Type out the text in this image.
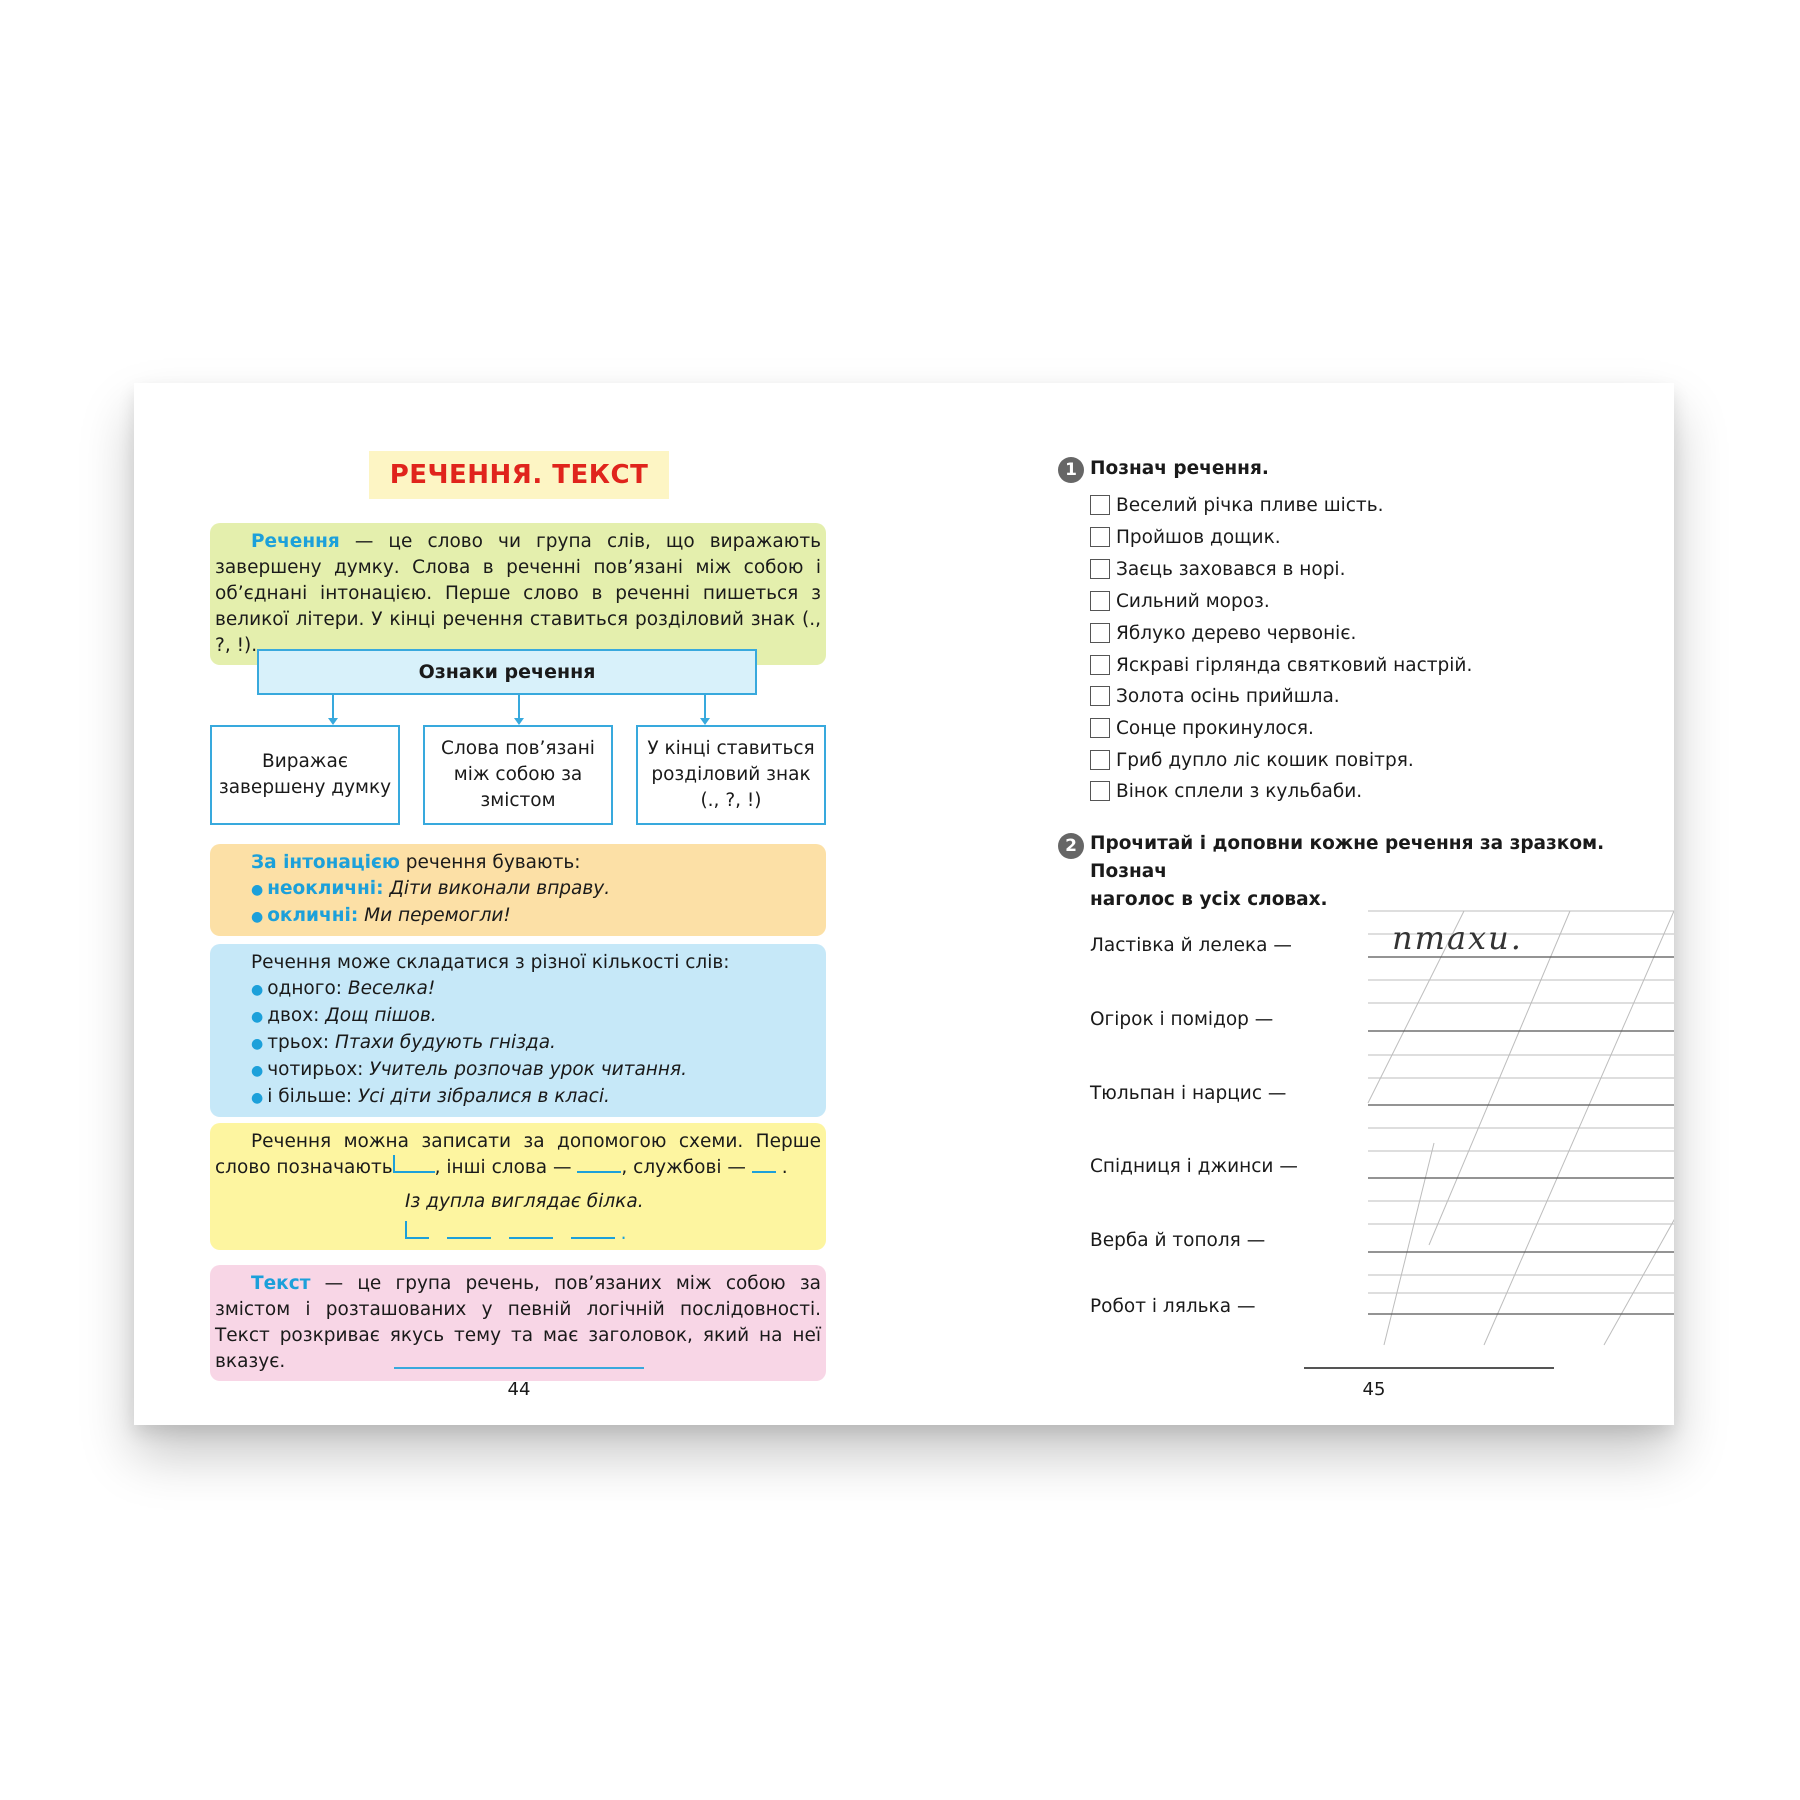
РЕЧЕННЯ. ТЕКСТ
Речення — це слово чи група слів, що виражають завершену думку. Слова в реченні пов’язані між собою і об’єднані інтонацією. Перше слово в реченні пишеться з великої літери. У кінці речення ставиться розділовий знак (., ?, !).
Ознаки речення
Виражає завершену думку
Слова пов’язані між собою за змістом
У кінці ставиться розділовий знак (., ?, !)
За інтонацією речення бувають:
● неокличні: Діти виконали вправу.
● окличні: Ми перемогли!
Речення може складатися з різної кількості слів:
● одного: Веселка!
● двох: Дощ пішов.
● трьох: Птахи будують гнізда.
● чотирьох: Учитель розпочав урок читання.
● і більше: Усі діти зібралися в класі.
Речення можна записати за допомогою схеми. Перше слово позначають , інші слова —	, службові — .
Із дупла виглядає білка.
.
Текст — це група речень, пов’язаних між собою за змістом і розташованих у певній логічній послідовності. Текст розкриває якусь тему та має заголовок, який на неї вказує.
44
1 Познач речення.
Веселий річка пливе шість.
Пройшов дощик.
Заєць заховався в норі.
Сильний мороз.
Яблуко дерево червоніє.
Яскраві гірлянда святковий настрій.
Золота осінь прийшла.
Сонце прокинулося.
Гриб дупло ліс кошик повітря.
Вінок сплели з кульбаби.
2 Прочитай і доповни кожне речення за зразком. Познач
наголос в усіх словах.
птахи.
Ластівка й лелека —
Огірок і помідор —
Тюльпан і нарцис —
Спідниця і джинси —
Верба й тополя —
Робот і лялька —
45
